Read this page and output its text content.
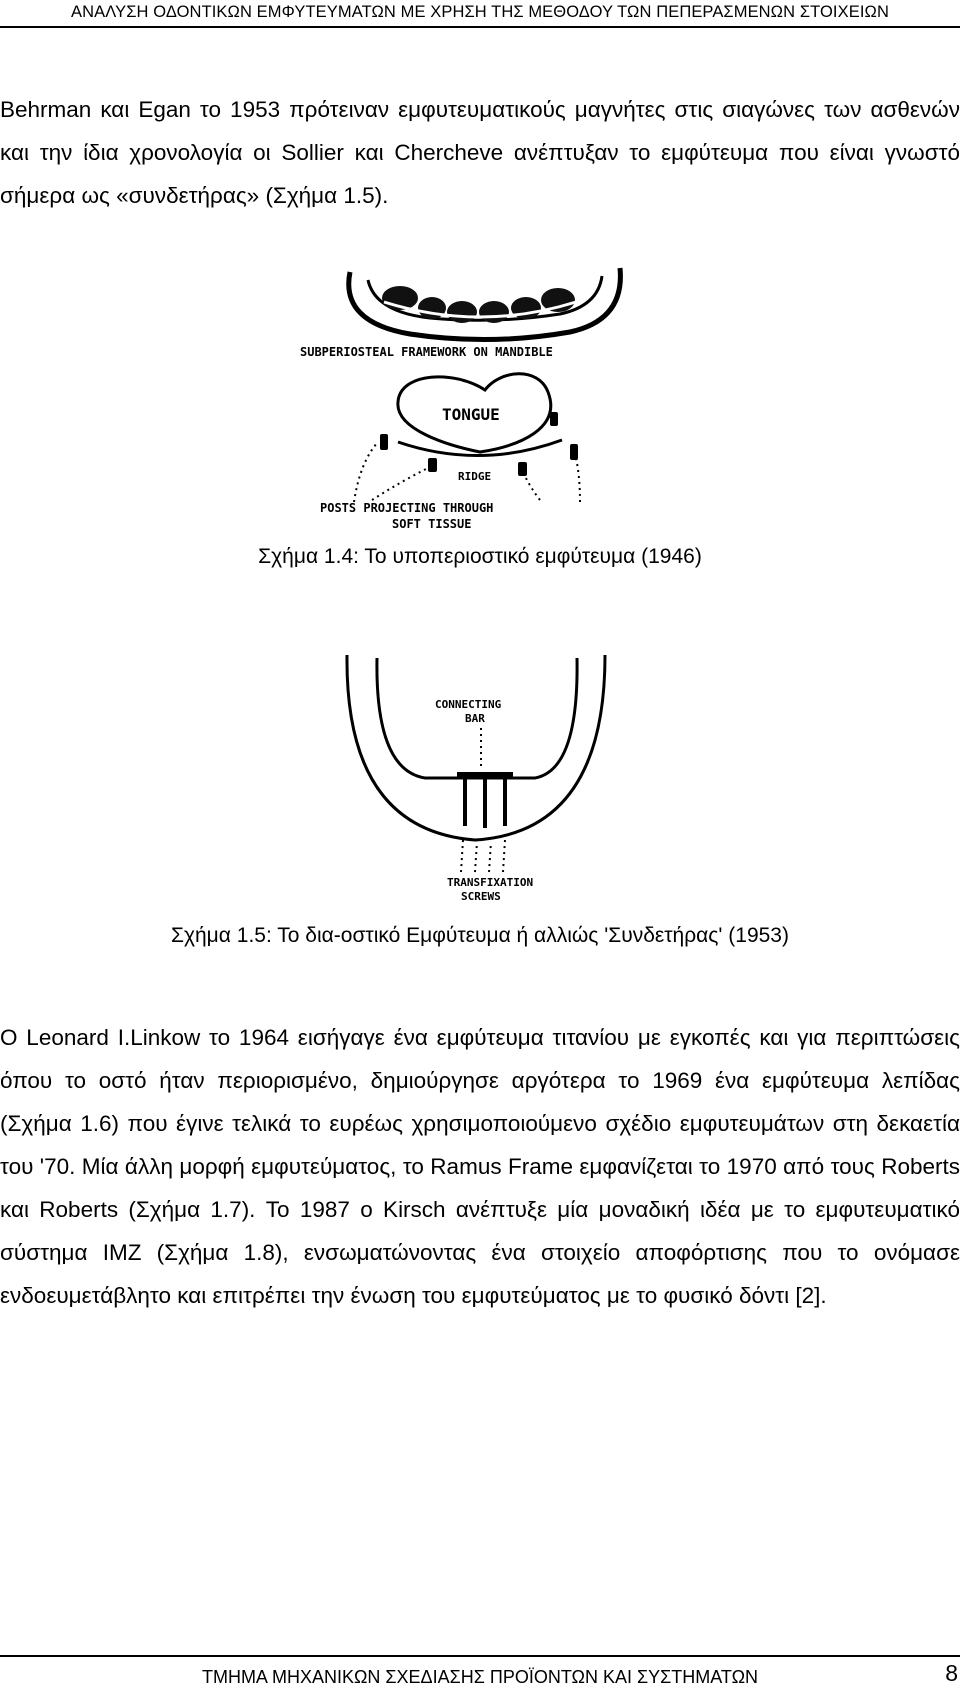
ΑΝΑΛΥΣΗ ΟΔΟΝΤΙΚΩΝ ΕΜΦΥΤΕΥΜΑΤΩΝ ΜΕ ΧΡΗΣΗ ΤΗΣ ΜΕΘΟΔΟΥ ΤΩΝ ΠΕΠΕΡΑΣΜΕΝΩΝ ΣΤΟΙΧΕΙΩΝ

Behrman και Egan το 1953 πρότειναν εμφυτευματικούς μαγνήτες στις σιαγώνες των ασθενών και την ίδια χρονολογία οι Sollier και Chercheve ανέπτυξαν το εμφύτευμα που είναι γνωστό σήμερα ως «συνδετήρας» (Σχήμα 1.5).

SUBPERIOSTEAL FRAMEWORK ON MANDIBLE
TONGUE
RIDGE
POSTS PROJECTING THROUGH
SOFT TISSUE

Σχήμα 1.4: Το υποπεριοστικό εμφύτευμα (1946)

CONNECTING
BAR
TRANSFIXATION
SCREWS

Σχήμα 1.5: Το δια-οστικό Εμφύτευμα ή αλλιώς 'Συνδετήρας' (1953)

O Leonard I.Linkow το 1964 εισήγαγε ένα εμφύτευμα τιτανίου με εγκοπές και για περιπτώσεις όπου το οστό ήταν περιορισμένο, δημιούργησε αργότερα το 1969 ένα εμφύτευμα λεπίδας (Σχήμα 1.6) που έγινε τελικά το ευρέως χρησιμοποιούμενο σχέδιο εμφυτευμάτων στη δεκαετία του '70. Μία άλλη μορφή εμφυτεύματος, το Ramus Frame εμφανίζεται το 1970 από τους Roberts και Roberts (Σχήμα 1.7). Το 1987 ο Kirsch ανέπτυξε μία μοναδική ιδέα με το εμφυτευματικό σύστημα IMZ (Σχήμα 1.8), ενσωματώνοντας ένα στοιχείο αποφόρτισης που το ονόμασε ενδοευμετάβλητο και επιτρέπει την ένωση του εμφυτεύματος με το φυσικό δόντι [2].

ΤΜΗΜΑ ΜΗΧΑΝΙΚΩΝ ΣΧΕΔΙΑΣΗΣ ΠΡΟΪΟΝΤΩΝ ΚΑΙ ΣΥΣΤΗΜΑΤΩΝ	8
